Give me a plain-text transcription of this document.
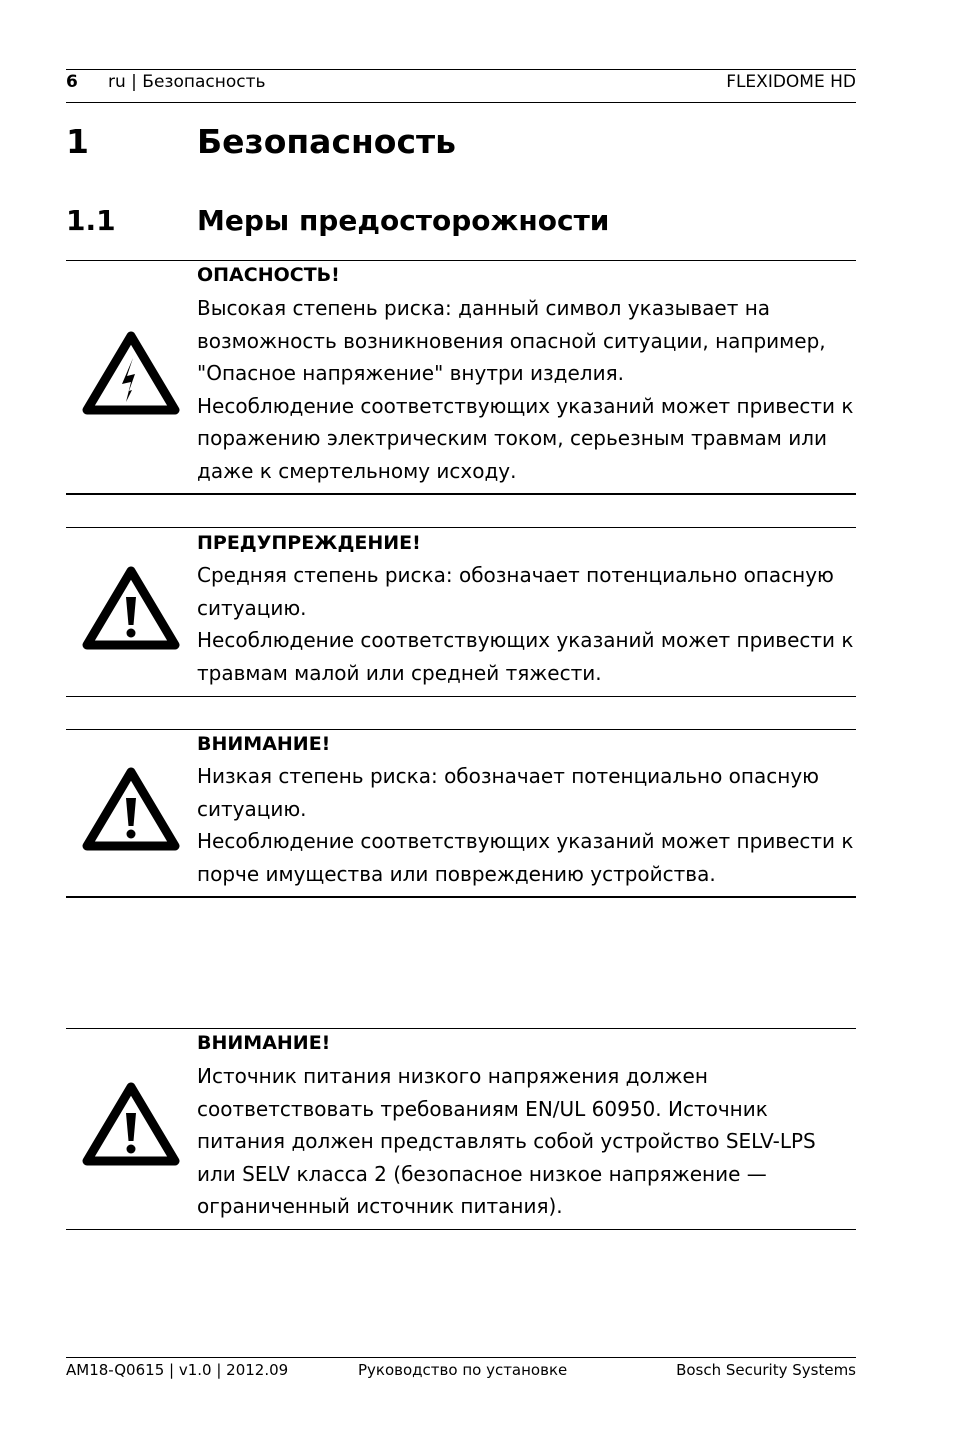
6 ru | Безопасность	FLEXIDOME HD
1	Безопасность
1.1	Меры предосторожности
ОПАСНОСТЬ!

Высокая степень риска: данный символ указывает на

возможность возникновения опасной ситуации, например,

"Опасное напряжение" внутри изделия.

Несоблюдение соответствующих указаний может привести к

поражению электрическим током, серьезным травмам или

даже к смертельному исходу.

ПРЕДУПРЕЖДЕНИЕ!

Средняя степень риска: обозначает потенциально опасную

ситуацию.

Несоблюдение соответствующих указаний может привести к

травмам малой или средней тяжести.

ВНИМАНИЕ!

Низкая степень риска: обозначает потенциально опасную

ситуацию.

Несоблюдение соответствующих указаний может привести к

порче имущества или повреждению устройства.

ВНИМАНИЕ!

Источник питания низкого напряжения должен

соответствовать требованиям EN/UL 60950. Источник

питания должен представлять собой устройство SELV-LPS

или SELV класса 2 (безопасное низкое напряжение —

ограниченный источник питания).

AM18-Q0615 | v1.0 | 2012.09	Руководство по установке	Bosch Security Systems
